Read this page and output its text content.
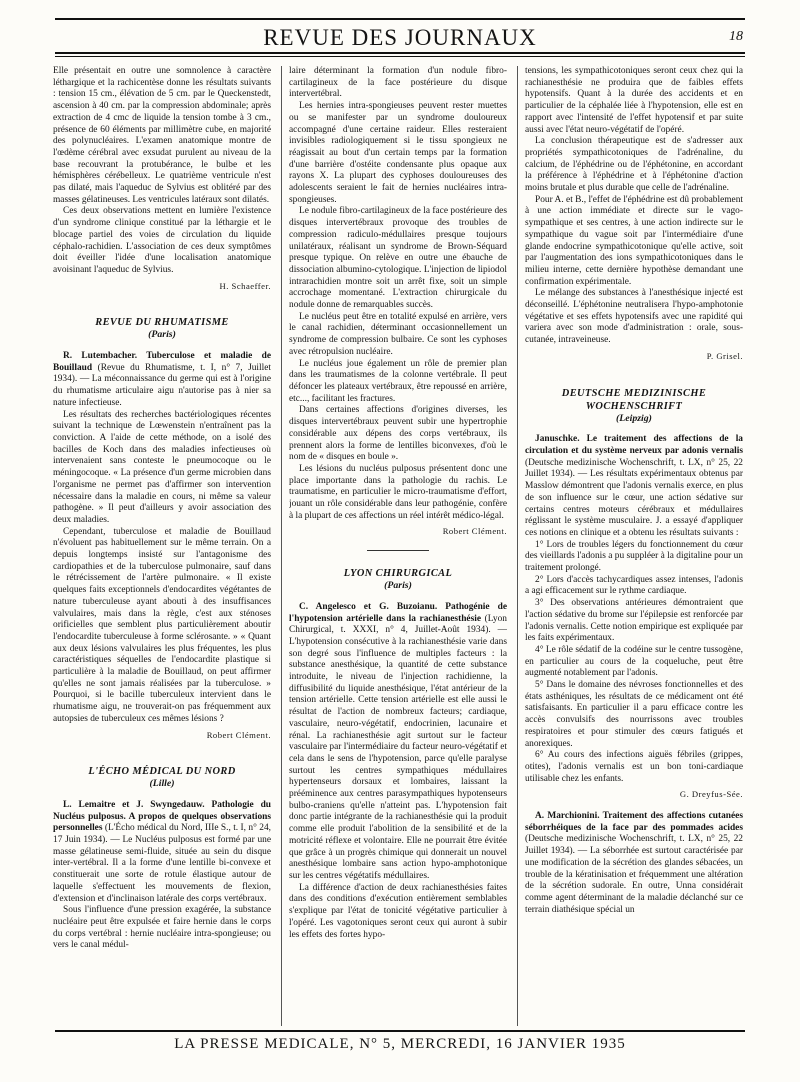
REVUE DES JOURNAUX	18

Elle présentait en outre une somnolence à caractère léthargique et la rachicentèse donne les résultats suivants : tension 15 cm., élévation de 5 cm. par le Queckenstedt, ascension à 40 cm. par la compression abdominale; après extraction de 4 cmc de liquide la tension tombe à 3 cm., présence de 60 éléments par millimètre cube, en majorité des polynucléaires. L'examen anatomique montre de l'œdème cérébral avec exsudat purulent au niveau de la base recouvrant la protubérance, le bulbe et les hémisphères cérébelleux. Le quatrième ventricule n'est pas dilaté, mais l'aqueduc de Sylvius est oblitéré par des masses gélatineuses. Les ventricules latéraux sont dilatés.

Ces deux observations mettent en lumière l'existence d'un syndrome clinique constitué par la léthargie et le blocage partiel des voies de circulation du liquide céphalo-rachidien. L'association de ces deux symptômes doit éveiller l'idée d'une localisation anatomique avoisinant l'aqueduc de Sylvius.

H. Schaeffer.
REVUE DU RHUMATISME
(Paris)

R. Lutembacher. Tuberculose et maladie de Bouillaud (Revue du Rhumatisme, t. I, n° 7, Juillet 1934). — La méconnaissance du germe qui est à l'origine du rhumatisme articulaire aigu n'autorise pas à nier sa nature infectieuse.

Les résultats des recherches bactériologiques récentes suivant la technique de Lœwenstein n'entraînent pas la conviction. A l'aide de cette méthode, on a isolé des bacilles de Koch dans des maladies infectieuses où intervenaient sans conteste le pneumocoque ou le méningocoque. « La présence d'un germe microbien dans l'organisme ne permet pas d'affirmer son intervention nécessaire dans la maladie en cours, ni même sa valeur pathogène. » Il peut d'ailleurs y avoir association des deux maladies.

Cependant, tuberculose et maladie de Bouillaud n'évoluent pas habituellement sur le même terrain. On a depuis longtemps insisté sur l'antagonisme des cardiopathies et de la tuberculose pulmonaire, sauf dans le rétrécissement de l'artère pulmonaire. « Il existe quelques faits exceptionnels d'endocardites végétantes de nature tuberculeuse ayant abouti à des insuffisances valvulaires, mais dans la règle, c'est aux sténoses orificielles que semblent plus particulièrement aboutir l'endocardite tuberculeuse à forme sclérosante. » « Quant aux deux lésions valvulaires les plus fréquentes, les plus caractéristiques séquelles de l'endocardite plastique si particulière à la maladie de Bouillaud, on peut affirmer qu'elles ne sont jamais réalisées par la tuberculose. » Pourquoi, si le bacille tuberculeux intervient dans le rhumatisme aigu, ne trouverait-on pas fréquemment aux autopsies de tuberculeux ces mêmes lésions ?

Robert Clément.
L'ÉCHO MÉDICAL DU NORD
(Lille)

L. Lemaitre et J. Swyngedauw. Pathologie du Nucléus pulposus. A propos de quelques observations personnelles (L'Écho médical du Nord, IIIe S., t. I, n° 24, 17 Juin 1934). — Le Nucléus pulposus est formé par une masse gélatineuse semi-fluide, située au sein du disque inter-vertébral. Il a la forme d'une lentille bi-convexe et constituerait une sorte de rotule élastique autour de laquelle s'effectuent les mouvements de flexion, d'extension et d'inclinaison latérale des corps vertébraux.

Sous l'influence d'une pression exagérée, la substance nucléaire peut être expulsée et faire hernie dans le corps du corps vertébral : hernie nucléaire intra-spongieuse; ou vers le canal médul-

laire déterminant la formation d'un nodule fibro-cartilagineux de la face postérieure du disque intervertébral.

Les hernies intra-spongieuses peuvent rester muettes ou se manifester par un syndrome douloureux accompagné d'une certaine raideur. Elles resteraient invisibles radiologiquement si le tissu spongieux ne réagissait au bout d'un certain temps par la formation d'une barrière d'ostéite condensante plus opaque aux rayons X. La plupart des cyphoses douloureuses des adolescents seraient le fait de hernies nucléaires intra-spongieuses.

Le nodule fibro-cartilagineux de la face postérieure des disques intervertébraux provoque des troubles de compression radiculo-médullaires presque toujours unilatéraux, réalisant un syndrome de Brown-Séquard presque typique. On relève en outre une ébauche de dissociation albumino-cytologique. L'injection de lipiodol intrarachidien montre soit un arrêt fixe, soit un simple accrochage momentané. L'extraction chirurgicale du nodule donne de remarquables succès.

Le nucléus peut être en totalité expulsé en arrière, vers le canal rachidien, déterminant occasionnellement un syndrome de compression bulbaire. Ce sont les cyphoses avec rétropulsion nucléaire.

Le nucléus joue également un rôle de premier plan dans les traumatismes de la colonne vertébrale. Il peut défoncer les plateaux vertébraux, être repoussé en arrière, etc..., facilitant les fractures.

Dans certaines affections d'origines diverses, les disques intervertébraux peuvent subir une hypertrophie considérable aux dépens des corps vertébraux, ils prennent alors la forme de lentilles biconvexes, d'où le nom de « disques en boule ».

Les lésions du nucléus pulposus présentent donc une place importante dans la pathologie du rachis. Le traumatisme, en particulier le micro-traumatisme d'effort, jouant un rôle considérable dans leur pathogénie, confère à la plupart de ces affections un réel intérêt médico-légal.

Robert Clément.
LYON CHIRURGICAL
(Paris)

C. Angelesco et G. Buzoianu. Pathogénie de l'hypotension artérielle dans la rachianesthésie (Lyon Chirurgical, t. XXXI, n° 4, Juillet-Août 1934). — L'hypotension consécutive à la rachianesthésie varie dans son degré sous l'influence de multiples facteurs : la substance anesthésique, la quantité de cette substance introduite, le niveau de l'injection rachidienne, la diffusibilité du liquide anesthésique, l'état antérieur de la tension artérielle. Cette tension artérielle est elle aussi le résultat de l'action de nombreux facteurs; cardiaque, vasculaire, neuro-végétatif, endocrinien, lacunaire et rénal. La rachianesthésie agit surtout sur le facteur vasculaire par l'intermédiaire du facteur neuro-végétatif et cela dans le sens de l'hypotension, parce qu'elle paralyse surtout les centres sympathiques médullaires hypertenseurs dorsaux et lombaires, laissant la prééminence aux centres parasympathiques hypotenseurs bulbo-craniens qu'elle n'atteint pas. L'hypotension fait donc partie intégrante de la rachianesthésie qui la produit comme elle produit l'abolition de la sensibilité et de la motricité réflexe et volontaire. Elle ne pourrait être évitée que grâce à un progrès chimique qui donnerait un nouvel anesthésique lombaire sans action hypo-amphotonique sur les centres végétatifs médullaires.

La différence d'action de deux rachianesthésies faites dans des conditions d'exécution entièrement semblables s'explique par l'état de tonicité végétative particulier à l'opéré. Les vagotoniques seront ceux qui auront à subir les effets des fortes hypo-

tensions, les sympathicotoniques seront ceux chez qui la rachianesthésie ne produira que de faibles effets hypotensifs. Quant à la durée des accidents et en particulier de la céphalée liée à l'hypotension, elle est en rapport avec l'intensité de l'effet hypotensif et par suite aussi avec l'état neuro-végétatif de l'opéré.

La conclusion thérapeutique est de s'adresser aux propriétés sympathicotoniques de l'adrénaline, du calcium, de l'éphédrine ou de l'éphétonine, en accordant la préférence à l'éphédrine et à l'éphétonine d'action moins brutale et plus durable que celle de l'adrénaline.

Pour A. et B., l'effet de l'éphédrine est dû probablement à une action immédiate et directe sur le vago-sympathique et ses centres, à une action indirecte sur le sympathique du vague soit par l'intermédiaire d'une glande endocrine sympathicotonique qu'elle active, soit par l'augmentation des ions sympathicotoniques dans le milieu interne, cette dernière hypothèse demandant une confirmation expérimentale.

Le mélange des substances à l'anesthésique injecté est déconseillé. L'éphétonine neutralisera l'hypo-amphotonie végétative et ses effets hypotensifs avec une rapidité qui variera avec son mode d'administration : orale, sous-cutanée, intraveineuse.

P. Grisel.
DEUTSCHE MEDIZINISCHE WOCHENSCHRIFT
(Leipzig)

Januschke. Le traitement des affections de la circulation et du système nerveux par adonis vernalis (Deutsche medizinische Wochenschrift, t. LX, n° 25, 22 Juillet 1934). — Les résultats expérimentaux obtenus par Masslow démontrent que l'adonis vernalis exerce, en plus de son influence sur le cœur, une action sédative sur certains centres moteurs cérébraux et médullaires réglissant le système musculaire. J. a essayé d'appliquer ces notions en clinique et a obtenu les résultats suivants :

1° Lors de troubles légers du fonctionnement du cœur des vieillards l'adonis a pu suppléer à la digitaline pour un traitement prolongé.

2° Lors d'accès tachycardiques assez intenses, l'adonis a agi efficacement sur le rythme cardiaque.

3° Des observations antérieures démontraient que l'action sédative du brome sur l'épilepsie est renforcée par l'adonis vernalis. Cette notion empirique est expliquée par les faits expérimentaux.

4° Le rôle sédatif de la codéine sur le centre tussogène, en particulier au cours de la coqueluche, peut être augmenté notablement par l'adonis.

5° Dans le domaine des névroses fonctionnelles et des états asthéniques, les résultats de ce médicament ont été satisfaisants. En particulier il a paru efficace contre les accès convulsifs des nourrissons avec troubles respiratoires et pour stimuler des cœurs fatigués et anorexiques.

6° Au cours des infections aiguës fébriles (grippes, otites), l'adonis vernalis est un bon toni-cardiaque utilisable chez les enfants.

G. Dreyfus-Sée.

A. Marchionini. Traitement des affections cutanées séborrhéiques de la face par des pommades acides (Deutsche medizinische Wochenschrift, t. LX, n° 25, 22 Juillet 1934). — La séborrhée est surtout caractérisée par une modification de la sécrétion des glandes sébacées, un trouble de la kératinisation et fréquemment une altération de la sécrétion sudorale. En outre, Unna considérait comme agent déterminant de la maladie déclanché sur ce terrain diathésique spécial un

LA PRESSE MEDICALE, N° 5, MERCREDI, 16 JANVIER 1935
